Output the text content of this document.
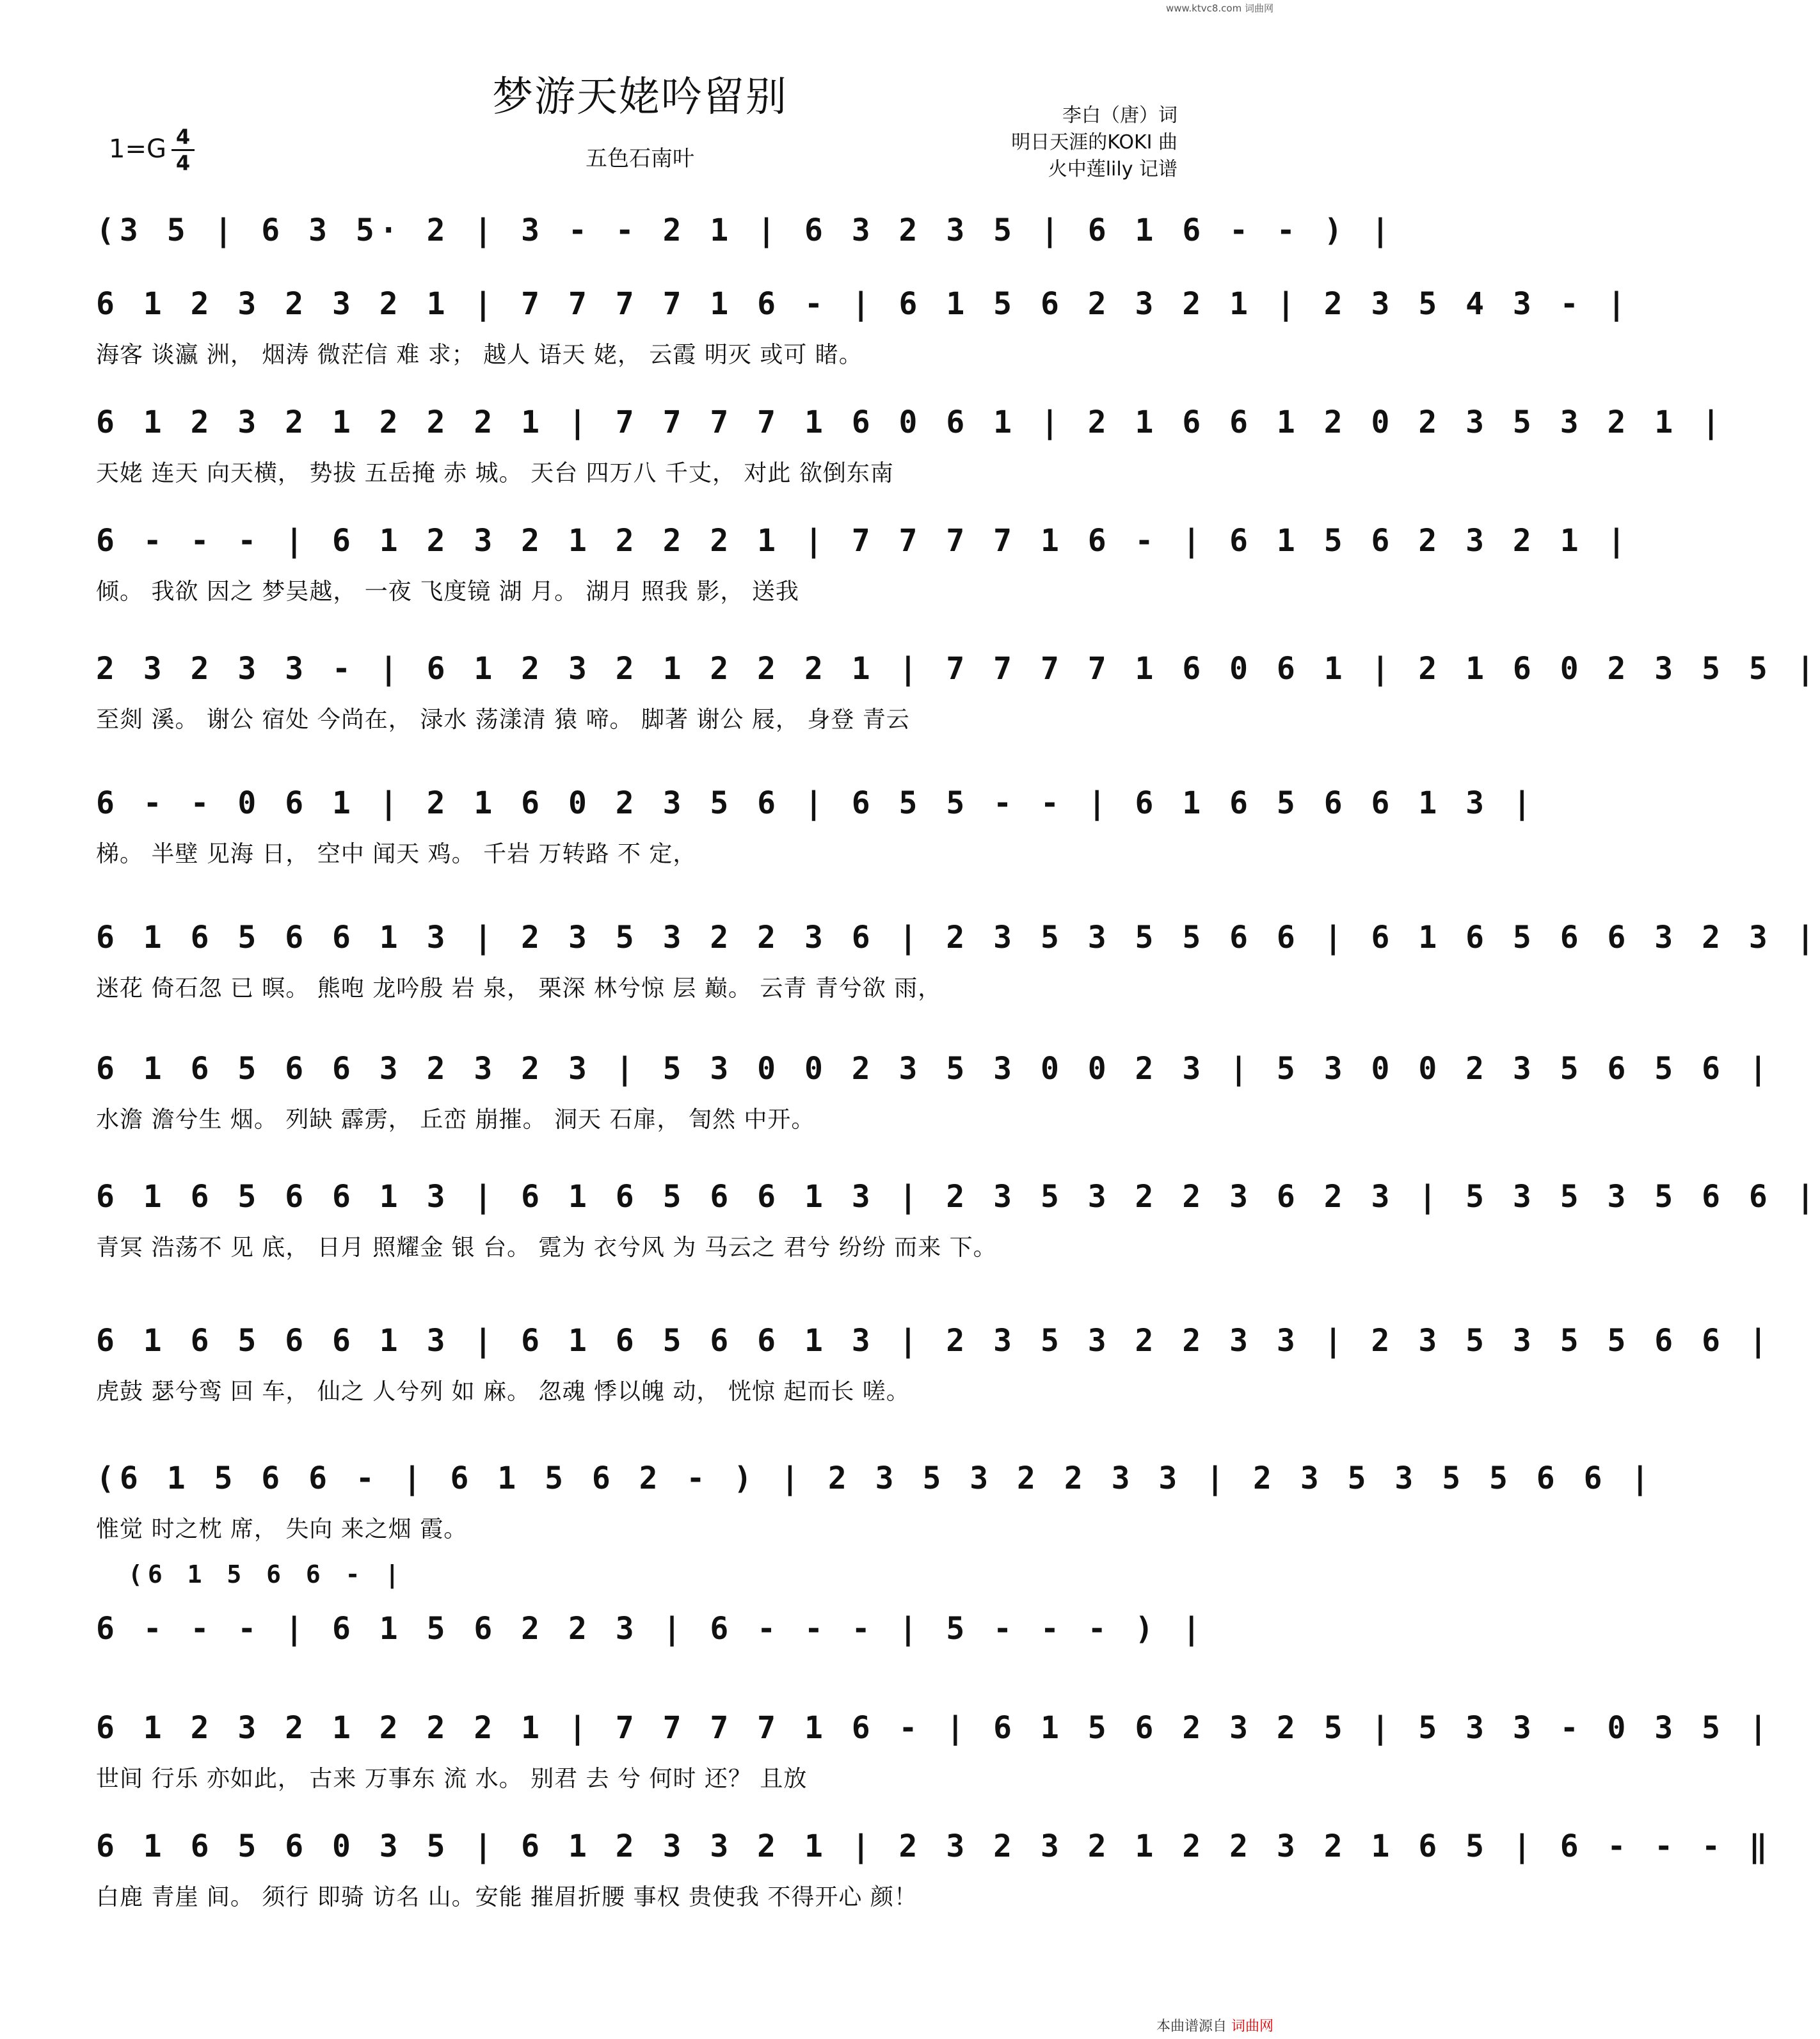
www.ktvc8.com 词曲网
梦游天姥吟留别
$1=G \frac{4}{4}$	五色石南叶
李白（唐）词
明日天涯的KOKI 曲
火中莲lily 记谱
(3 5 | 6 3 5· 2 | 3 - - 2 1 | 6 3 2 3 5 | 6 1 6 - - ) |
6 1 2 3 2 3 2 1 | 7 7 7 7 1 6 - | 6 1 5 6 2 3 2 1 | 2 3 5 4 3 - |
海客 谈瀛 洲， 烟涛 微茫信 难 求； 越人 语天 姥， 云霞 明灭 或可 睹。
6 1 2 3 2 1 2 2 2 1 | 7 7 7 7 1 6 0 6 1 | 2 1 6 6 1 2 0 2 3 5 3 2 1 |
天姥 连天 向天横， 势拔 五岳掩 赤 城。 天台 四万八 千丈， 对此 欲倒东南
6 - - - | 6 1 2 3 2 1 2 2 2 1 | 7 7 7 7 1 6 - | 6 1 5 6 2 3 2 1 |
倾。 我欲 因之 梦吴越， 一夜 飞度镜 湖 月。 湖月 照我 影， 送我
2 3 2 3 3 - | 6 1 2 3 2 1 2 2 2 1 | 7 7 7 7 1 6 0 6 1 | 2 1 6 0 2 3 5 5 |
至剡 溪。 谢公 宿处 今尚在， 渌水 荡漾清 猿 啼。 脚著 谢公 屐， 身登 青云
6 - - 0 6 1 | 2 1 6 0 2 3 5 6 | 6 5 5 - - | 6 1 6 5 6 6 1 3 |
梯。 半壁 见海 日， 空中 闻天 鸡。 千岩 万转路 不 定，
6 1 6 5 6 6 1 3 | 2 3 5 3 2 2 3 6 | 2 3 5 3 5 5 6 6 | 6 1 6 5 6 6 3 2 3 |
迷花 倚石忽 已 暝。 熊咆 龙吟殷 岩 泉， 栗深 林兮惊 层 巅。 云青 青兮欲 雨，
6 1 6 5 6 6 3 2 3 2 3 | 5 3 0 0 2 3 5 3 0 0 2 3 | 5 3 0 0 2 3 5 6 5 6 |
水澹 澹兮生 烟。 列缺 霹雳， 丘峦 崩摧。 洞天 石扉， 訇然 中开。
6 1 6 5 6 6 1 3 | 6 1 6 5 6 6 1 3 | 2 3 5 3 2 2 3 6 2 3 | 5 3 5 3 5 6 6 |
青冥 浩荡不 见 底， 日月 照耀金 银 台。 霓为 衣兮风 为 马云之 君兮 纷纷 而来 下。
6 1 6 5 6 6 1 3 | 6 1 6 5 6 6 1 3 | 2 3 5 3 2 2 3 3 | 2 3 5 3 5 5 6 6 |
虎鼓 瑟兮鸾 回 车， 仙之 人兮列 如 麻。 忽魂 悸以魄 动， 恍惊 起而长 嗟。
(6 1 5 6 6 - | 6 1 5 6 2 - ) | 2 3 5 3 2 2 3 3 | 2 3 5 3 5 5 6 6 |
惟觉 时之枕 席， 失向 来之烟 霞。
(6 1 5 6 6 - |
6 - - - | 6 1 5 6 2 2 3 | 6 - - - | 5 - - - ) |
6 1 2 3 2 1 2 2 2 1 | 7 7 7 7 1 6 - | 6 1 5 6 2 3 2 5 | 5 3 3 - 0 3 5 |
世间 行乐 亦如此， 古来 万事东 流 水。 别君 去 兮 何时 还？ 且放
6 1 6 5 6 0 3 5 | 6 1 2 3 3 2 1 | 2 3 2 3 2 1 2 2 3 2 1 6 5 | 6 - - - ‖
白鹿 青崖 间。 须行 即骑 访名 山。安能 摧眉折腰 事权 贵使我 不得开心 颜！
本曲谱源自 词曲网
